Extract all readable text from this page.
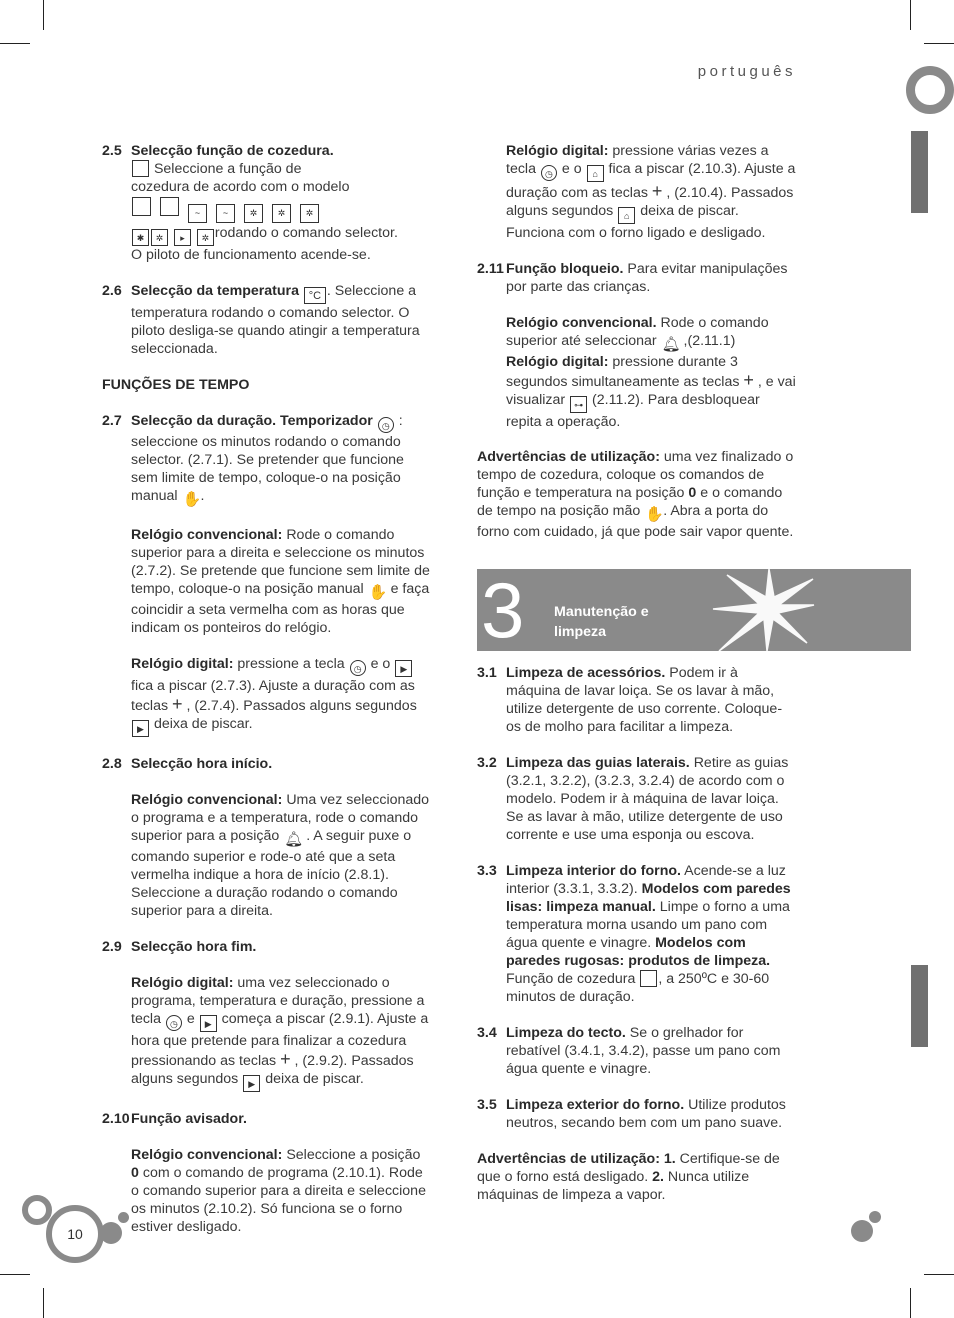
português
2.5 Selecção função de cozedura.
Seleccione a função de
cozedura de acordo com o modelo
~	~ ✲ ✲ ✲
✱ ✲ ▸ ✲ rodando o comando selector.
O piloto de funcionamento acende-se.
2.6 Selecção da temperatura °C . Seleccione a temperatura rodando o comando selector. O piloto desliga-se quando atingir a temperatura seleccionada.
FUNÇÕES DE TEMPO
2.7 Selecção da duração. Temporizador ◷ : seleccione os minutos rodando o comando selector. (2.7.1). Se pretender que funcione sem limite de tempo, coloque-o na posição manual ✋.
Relógio convencional: Rode o comando superior para a direita e seleccione os minutos (2.7.2). Se pretende que funcione sem limite de tempo, coloque-o na posição manual ✋ e faça coincidir a seta vermelha com as horas que indicam os ponteiros do relógio.
Relógio digital: pressione a tecla ◷ e o ▶ fica a piscar (2.7.3). Ajuste a duração com as teclas + , (2.7.4). Passados alguns segundos ▶ deixa de piscar.
2.8 Selecção hora início.
Relógio convencional: Uma vez seleccionado o programa e a temperatura, rode o comando superior para a posição 🔔︎ . A seguir puxe o comando superior e rode-o até que a seta vermelha indique a hora de início (2.8.1). Seleccione a duração rodando o comando superior para a direita.
2.9 Selecção hora fim.
Relógio digital: uma vez seleccionado o programa, temperatura e duração, pressione a tecla ◷ e ▶ começa a piscar (2.9.1). Ajuste a hora que pretende para finalizar a cozedura pressionando as teclas + , (2.9.2). Passados alguns segundos ▶ deixa de piscar.
2.10 Função avisador.
Relógio convencional: Seleccione a posição 0 com o comando de programa (2.10.1). Rode o comando superior para a direita e seleccione os minutos (2.10.2). Só funciona se o forno estiver desligado.
Relógio digital: pressione várias vezes a tecla ◷ e o ⌂ fica a piscar (2.10.3). Ajuste a duração com as teclas + , (2.10.4). Passados alguns segundos ⌂ deixa de piscar. Funciona com o forno ligado e desligado.
2.11 Função bloqueio. Para evitar manipulações por parte das crianças.
Relógio convencional. Rode o comando superior até seleccionar 🔔︎ ,(2.11.1)
Relógio digital: pressione durante 3 segundos simultaneamente as teclas + , e vai visualizar ⊶ (2.11.2). Para desbloquear repita a operação.
Advertências de utilização: uma vez finalizado o tempo de cozedura, coloque os comandos de função e temperatura na posição 0 e o comando de tempo na posição mão ✋. Abra a porta do forno com cuidado, já que pode sair vapor quente.
3 Manutenção e
limpeza
3.1 Limpeza de acessórios. Podem ir à máquina de lavar loiça. Se os lavar à mão, utilize detergente de uso corrente. Coloque-os de molho para facilitar a limpeza.
3.2 Limpeza das guias laterais. Retire as guias (3.2.1, 3.2.2), (3.2.3, 3.2.4) de acordo com o modelo. Podem ir à máquina de lavar loiça. Se as lavar à mão, utilize detergente de uso corrente e use uma esponja ou escova.
3.3 Limpeza interior do forno. Acende-se a luz interior (3.3.1, 3.3.2). Modelos com paredes lisas: limpeza manual. Limpe o forno a uma temperatura morna usando um pano com água quente e vinagre. Modelos com paredes rugosas: produtos de limpeza. Função de cozedura , a 250ºC e 30-60 minutos de duração.
3.4 Limpeza do tecto. Se o grelhador for rebatível (3.4.1, 3.4.2), passe um pano com água quente e vinagre.
3.5 Limpeza exterior do forno. Utilize produtos neutros, secando bem com um pano suave.
Advertências de utilização: 1. Certifique-se de que o forno está desligado. 2. Nunca utilize máquinas de limpeza a vapor.
10
